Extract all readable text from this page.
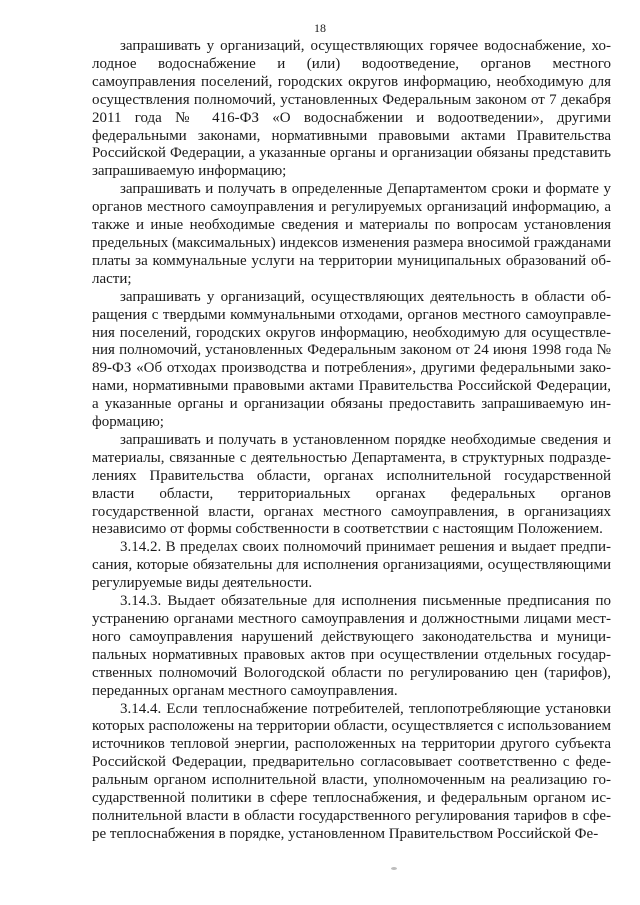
18

запрашивать у организаций, осуществляющих горячее водоснабжение, холодное водоснабжение и (или) водоотведение, органов местного самоуправления поселений, городских округов информацию, необходимую для осуществления полномочий, установленных Федеральным законом от 7 декабря 2011 года № 416-ФЗ «О водоснабжении и водоотведении», другими федеральными законами, нормативными правовыми актами Правительства Российской Федерации, а указанные органы и организации обязаны представить запрашиваемую информацию;

запрашивать и получать в определенные Департаментом сроки и формате у органов местного самоуправления и регулируемых организаций информацию, а также и иные необходимые сведения и материалы по вопросам установления предельных (максимальных) индексов изменения размера вносимой гражданами платы за коммунальные услуги на территории муниципальных образований области;

запрашивать у организаций, осуществляющих деятельность в области обращения с твердыми коммунальными отходами, органов местного самоуправления поселений, городских округов информацию, необходимую для осуществления полномочий, установленных Федеральным законом от 24 июня 1998 года № 89-ФЗ «Об отходах производства и потребления», другими федеральными законами, нормативными правовыми актами Правительства Российской Федерации, а указанные органы и организации обязаны предоставить запрашиваемую информацию;

запрашивать и получать в установленном порядке необходимые сведения и материалы, связанные с деятельностью Департамента, в структурных подразделениях Правительства области, органах исполнительной государственной власти области, территориальных органах федеральных органов государственной власти, органах местного самоуправления, в организациях независимо от формы собственности в соответствии с настоящим Положением.

3.14.2. В пределах своих полномочий принимает решения и выдает предписания, которые обязательны для исполнения организациями, осуществляющими регулируемые виды деятельности.

3.14.3. Выдает обязательные для исполнения письменные предписания по устранению органами местного самоуправления и должностными лицами местного самоуправления нарушений действующего законодательства и муниципальных нормативных правовых актов при осуществлении отдельных государственных полномочий Вологодской области по регулированию цен (тарифов), переданных органам местного самоуправления.

3.14.4. Если теплоснабжение потребителей, теплопотребляющие установки которых расположены на территории области, осуществляется с использованием источников тепловой энергии, расположенных на территории другого субъекта Российской Федерации, предварительно согласовывает соответственно с федеральным органом исполнительной власти, уполномоченным на реализацию государственной политики в сфере теплоснабжения, и федеральным органом исполнительной власти в области государственного регулирования тарифов в сфере теплоснабжения в порядке, установленном Правительством Российской Фе-
